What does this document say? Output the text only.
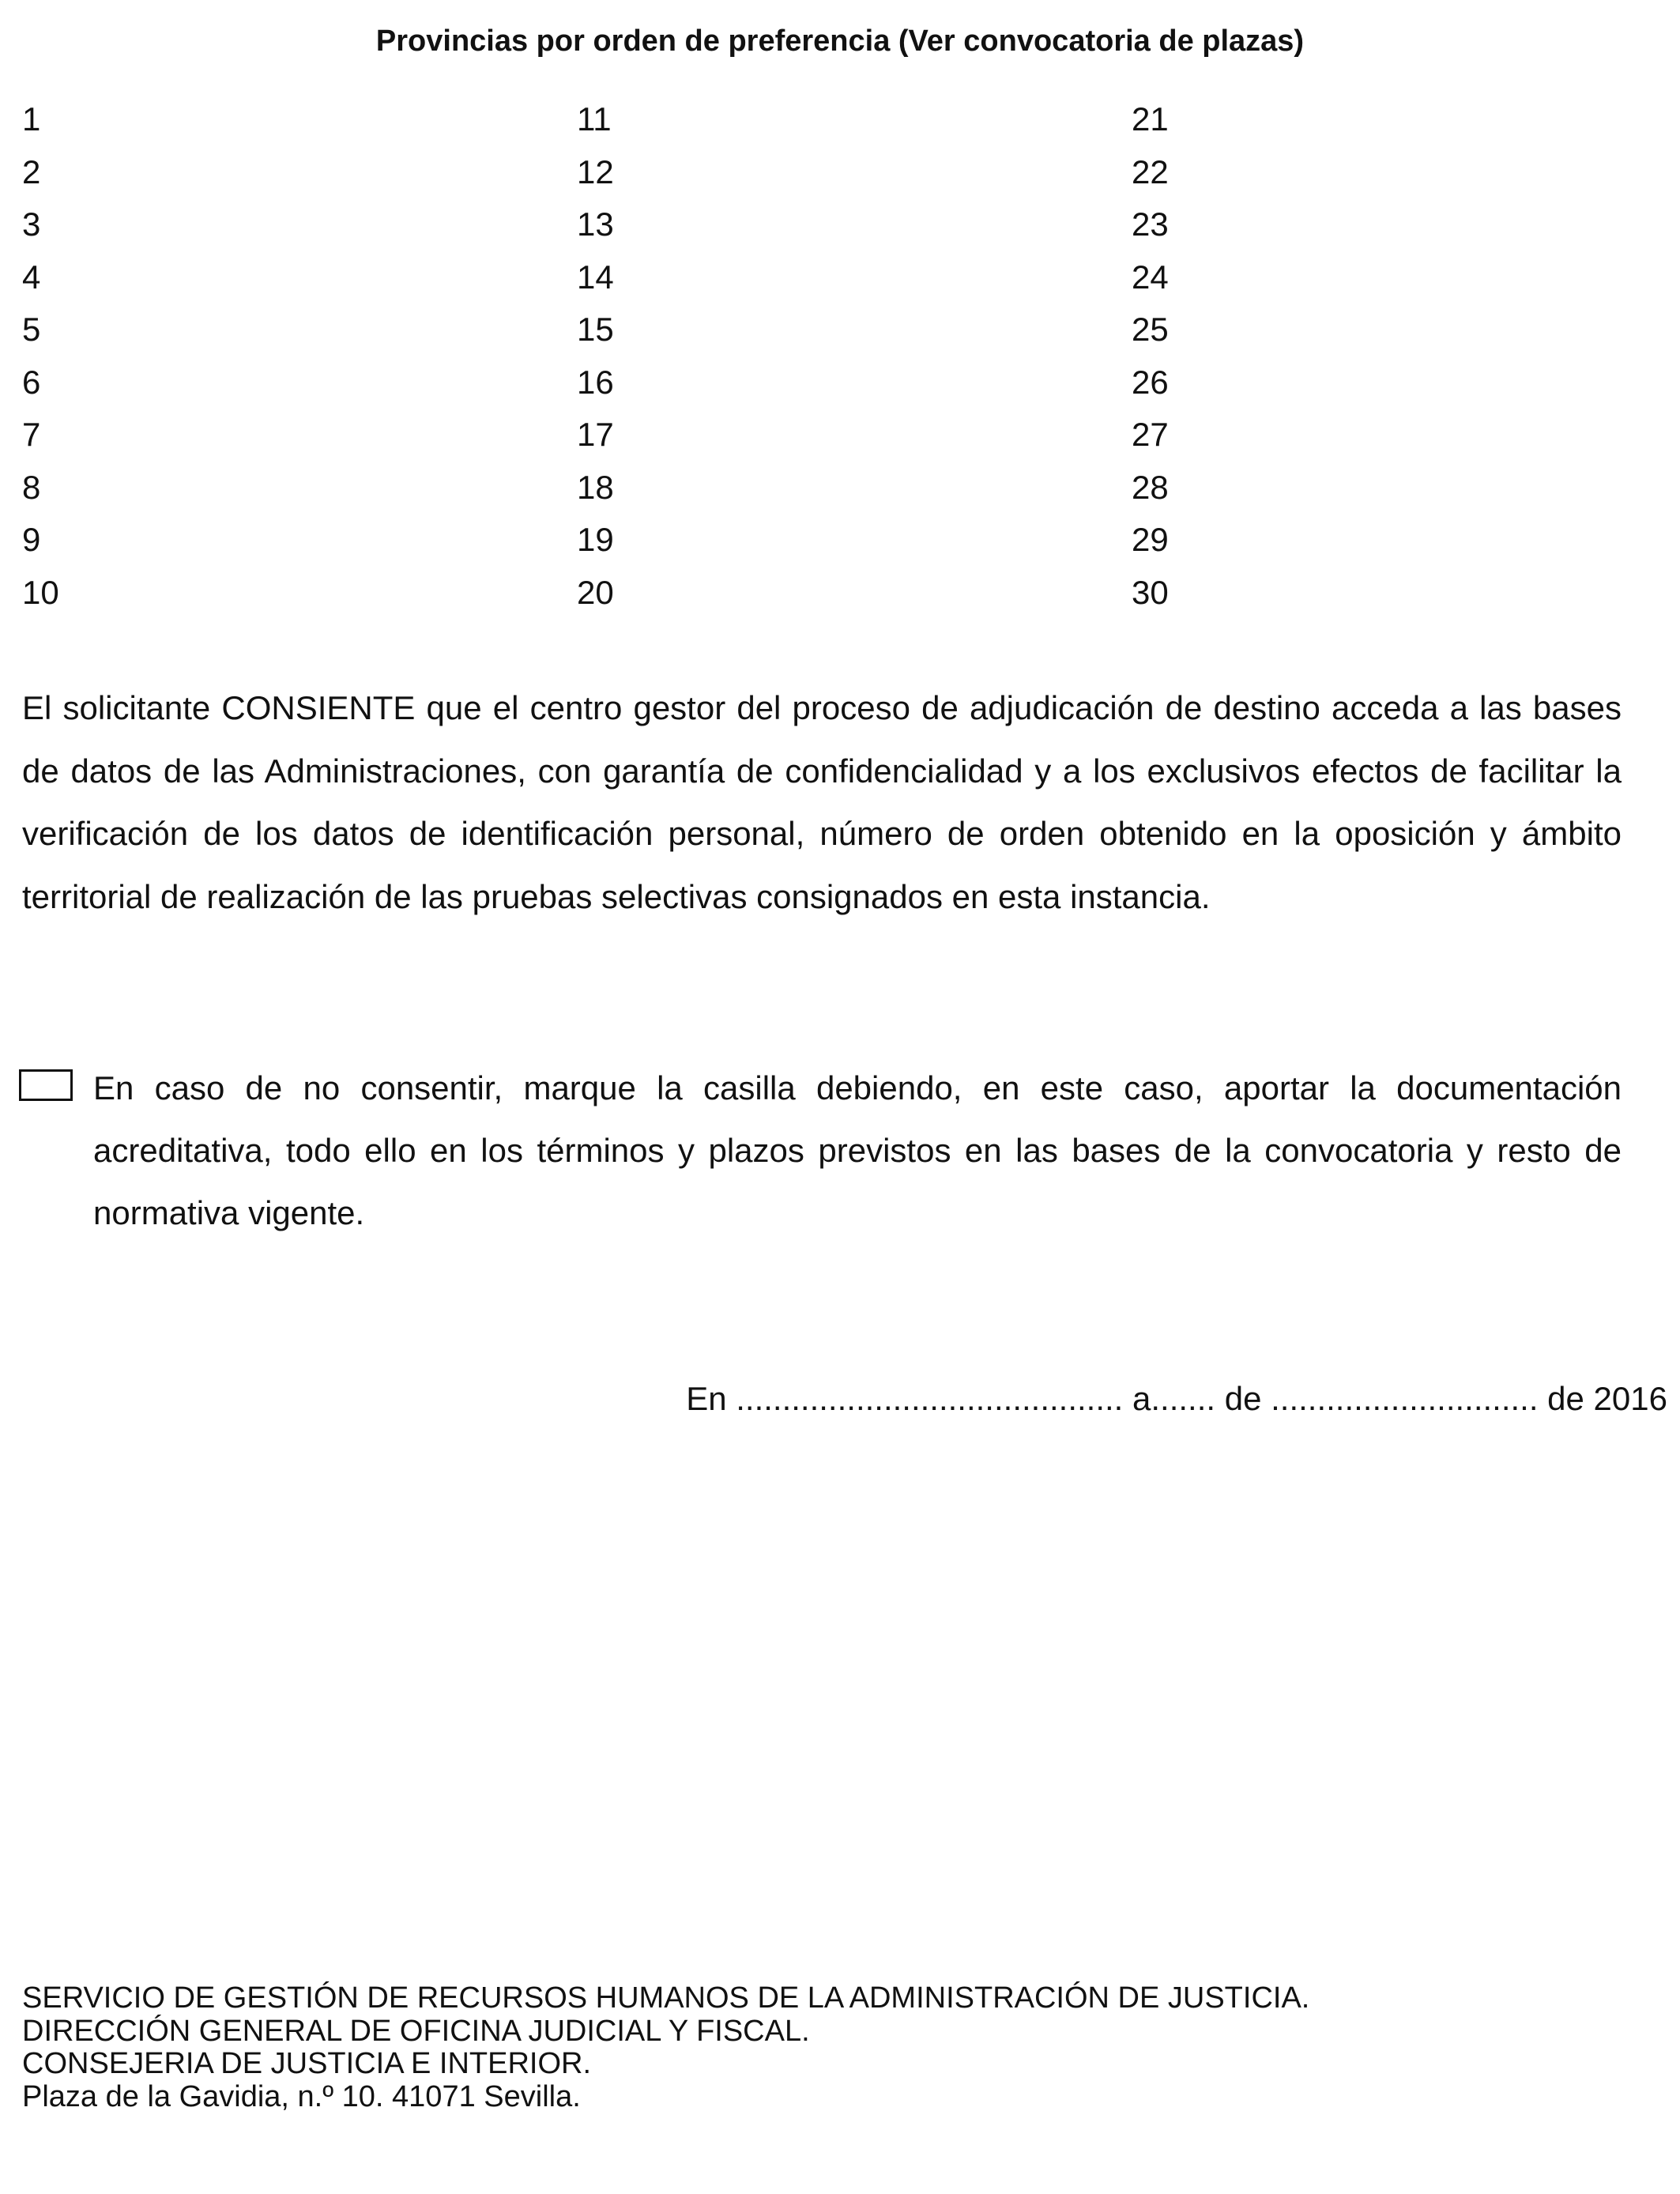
Provincias por orden de preferencia (Ver convocatoria de plazas)
1
2
3
4
5
6
7
8
9
10
11
12
13
14
15
16
17
18
19
20
21
22
23
24
25
26
27
28
29
30

El solicitante CONSIENTE que el centro gestor del proceso de adjudicación de destino acceda a las bases de datos de las Administraciones, con garantía de confidencialidad y a los exclusivos efectos de facilitar la verificación de los datos de identificación personal, número de orden obtenido en la oposición y ámbito territorial de realización de las pruebas selectivas consignados en esta instancia.

En caso de no consentir, marque la casilla debiendo, en este caso, aportar la documentación acreditativa, todo ello en los términos y plazos previstos en las bases de la convocatoria y resto de normativa vigente.

En .......................................... a....... de ............................. de 2016
SERVICIO DE GESTIÓN DE RECURSOS HUMANOS DE LA ADMINISTRACIÓN DE JUSTICIA.
DIRECCIÓN GENERAL DE OFICINA JUDICIAL Y FISCAL.
CONSEJERIA DE JUSTICIA E INTERIOR.
Plaza de la Gavidia, n.º 10. 41071 Sevilla.
